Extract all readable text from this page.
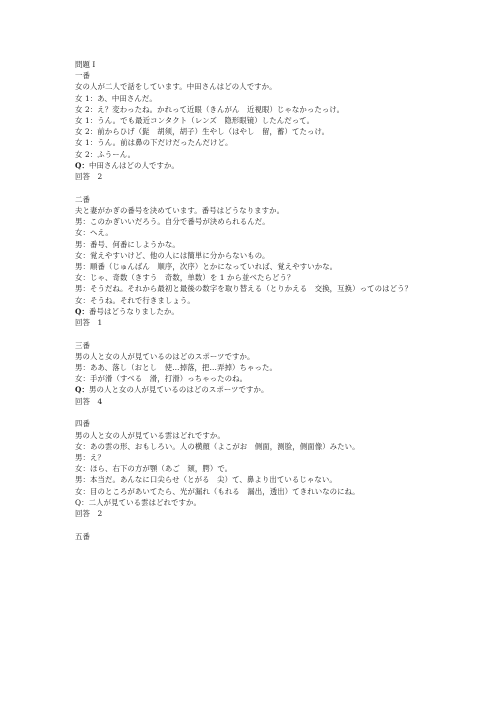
問題 I
一番
女の人が二人で話をしています。中田さんはどの人ですか。
女 1：あ、中田さんだ。
女 2：え？変わったね。かれって近眼（きんがん　近視眼）じゃなかったっけ。
女 1：うん。でも最近コンタクト（レンズ　隐形眼镜）したんだって。
女 2：前からひげ（髭　胡须，胡子）生やし（はやし　留，蓄）てたっけ。
女 1：うん。前は鼻の下だけだったんだけど。
女 2：ふうーん。
Q：中田さんはどの人ですか。
回答　2
二番
夫と妻がかぎの番号を決めています。番号はどうなりますか。
男：このかぎいいだろう。自分で番号が決められるんだ。
女：へえ。
男：番号、何番にしようかな。
女：覚えやすいけど、他の人には簡単に分からないもの。
男：順番（じゅんばん　顺序，次序）とかになっていれば、覚えやすいかな。
女：じゃ、奇数（きすう　奇数，单数）を 1 から並べたらどう？
男：そうだね。それから最初と最後の数字を取り替える（とりかえる　交换，互换）ってのはどう？
女：そうね。それで行きましょう。
Q：番号はどうなりましたか。
回答　1
三番
男の人と女の人が見ているのはどのスポーツですか。
男：ああ、落し（おとし　使…掉落，把…弄掉）ちゃった。
女：手が滑（すべる　滑，打滑）っちゃったのね。
Q：男の人と女の人が見ているのはどのスポーツですか。
回答　4
四番
男の人と女の人が見ている雲はどれですか。
女：あの雲の形、おもしろい。人の横顔（よこがお　侧面，测脸，侧面像）みたい。
男：え？
女：ほら、右下の方が顎（あご　颏，腭）で。
男：本当だ。あんなに口尖らせ（とがる　尖）て、鼻より出ているじゃない。
女：目のところがあいてたら、光が漏れ（もれる　漏出，透出）てきれいなのにね。
Q：二人が見ている雲はどれですか。
回答　2
五番
